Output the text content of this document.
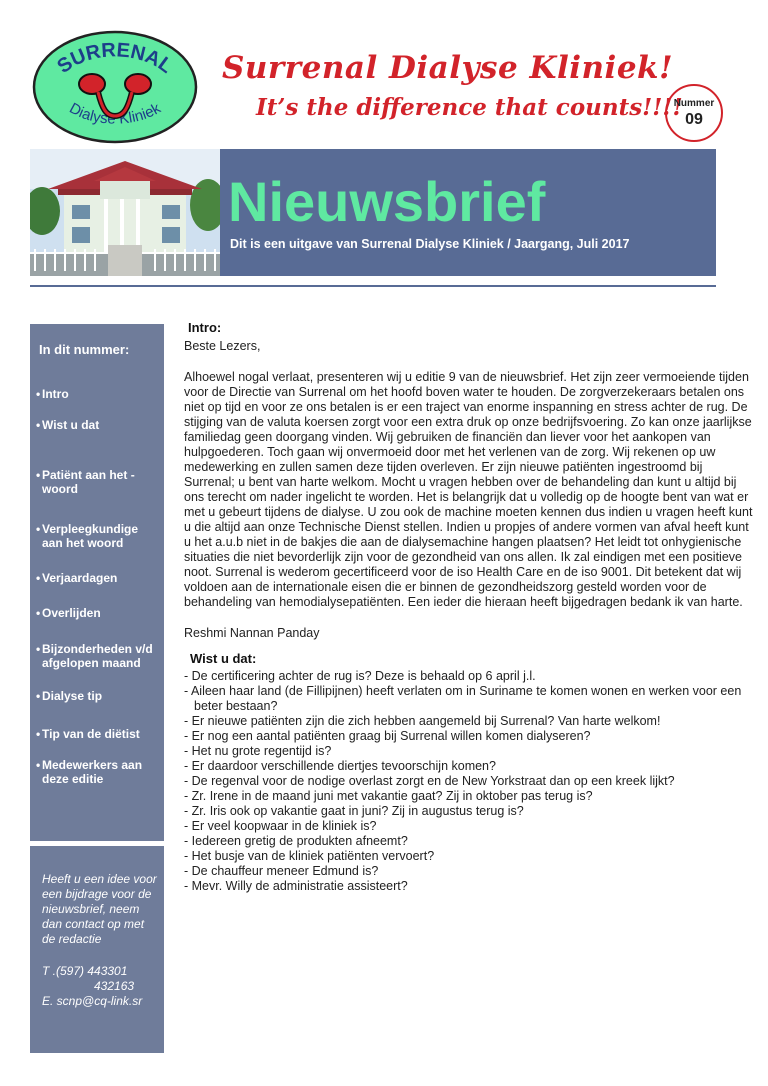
SURRENAL
Dialyse Kliniek
Surrenal Dialyse Kliniek!
It’s the difference that counts!!!!
Nummer
09
Nieuwsbrief
Dit is een uitgave van Surrenal Dialyse Kliniek / Jaargang, Juli 2017
In dit nummer:
• Intro
• Wist u dat
• Patiënt aan het - woord
• Verpleegkundige aan het woord
• Verjaardagen
• Overlijden
• Bijzonderheden v/d afgelopen maand
• Dialyse tip
• Tip van de diëtist
• Medewerkers aan deze editie
Heeft u een idee voor een bijdrage voor de nieuwsbrief, neem dan contact op met de redactie
T .(597) 443301
432163
E. scnp@cq-link.sr
Intro:

Beste Lezers,

Alhoewel nogal verlaat, presenteren wij u editie 9 van de nieuwsbrief. Het zijn zeer vermoeiende tijden voor de Directie van Surrenal om het hoofd boven water te houden. De zorgverzekeraars betalen ons niet op tijd en voor ze ons betalen is er een traject van enorme inspanning en stress achter de rug. De stijging van de valuta koersen zorgt voor een extra druk op onze bedrijfsvoering. Zo kan onze jaarlijkse familiedag geen doorgang vinden. Wij gebruiken de financiën dan liever voor het aankopen van hulpgoederen. Toch gaan wij onvermoeid door met het verlenen van de zorg. Wij rekenen op uw medewerking en zullen samen deze tijden overleven. Er zijn nieuwe patiënten ingestroomd bij Surrenal; u bent van harte welkom. Mocht u vragen hebben over de behandeling dan kunt u altijd bij ons terecht om nader ingelicht te worden. Het is belangrijk dat u volledig op de hoogte bent van wat er met u gebeurt tijdens de dialyse. U zou ook de machine moeten kennen dus indien u vragen heeft kunt u die altijd aan onze Technische Dienst stellen. Indien u propjes of andere vormen van afval heeft kunt u het a.u.b niet in de bakjes die aan de dialysemachine hangen plaatsen? Het leidt tot onhygienische situaties die niet bevorderlijk zijn voor de gezondheid van ons allen. Ik zal eindigen met een positieve noot. Surrenal is wederom gecertificeerd voor de iso Health Care en de iso 9001. Dit betekent dat wij voldoen aan de internationale eisen die er binnen de gezondheidszorg gesteld worden voor de behandeling van hemodialysepatiënten. Een ieder die hieraan heeft bijgedragen bedank ik van harte.

Reshmi Nannan Panday

Wist u dat:
- De certificering achter de rug is? Deze is behaald op 6 april j.l.
- Aileen haar land (de Fillipijnen) heeft verlaten om in Suriname te komen wonen en werken voor een beter bestaan?
- Er nieuwe patiënten zijn die zich hebben aangemeld bij Surrenal? Van harte welkom!
- Er nog een aantal patiënten graag bij Surrenal willen komen dialyseren?
- Het nu grote regentijd is?
- Er daardoor verschillende diertjes tevoorschijn komen?
- De regenval voor de nodige overlast zorgt en de New Yorkstraat dan op een kreek lijkt?
- Zr. Irene in de maand juni met vakantie gaat? Zij in oktober pas terug is?
- Zr. Iris ook op vakantie gaat in juni? Zij in augustus terug is?
- Er veel koopwaar in de kliniek is?
- Iedereen gretig de produkten afneemt?
- Het busje van de kliniek patiënten vervoert?
- De chauffeur meneer Edmund is?
- Mevr. Willy de administratie assisteert?
